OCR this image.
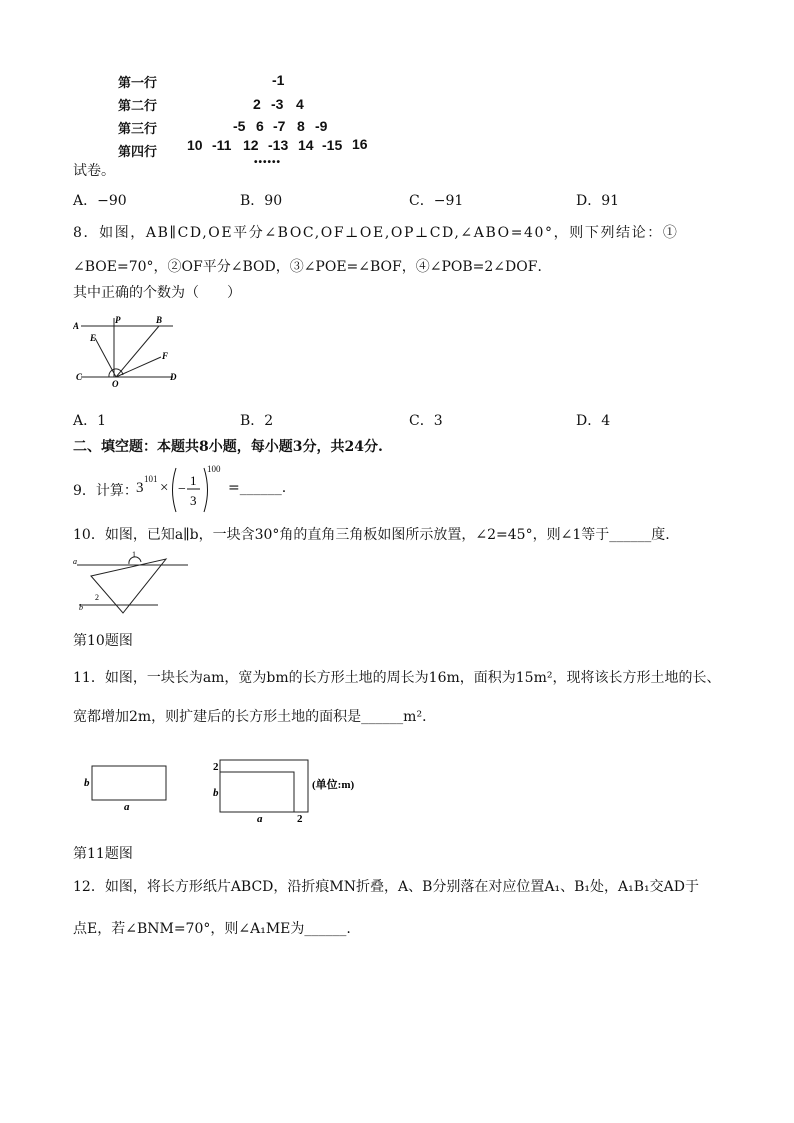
第一行	-1
第二行	2 -3 4
第三行	-5 6 -7 8 -9
第四行 10 -11 12 -13 14 -15 16
••••••
试卷。
A．−90	B．90	C．−91	D．91
8．如图，AB∥CD,OE平分∠BOC,OF⊥OE,OP⊥CD,∠ABO=40°，则下列结论：①
∠BOE=70°，②OF平分∠BOD，③∠POE=∠BOF，④∠POB=2∠DOF．
其中正确的个数为（　　）
A
P	B
E
F
C
O
D
A．1	B．2	C．3	D．4
二、填空题：本题共8小题，每小题3分，共24分.
9．计算：
3
101
× −
1
3
100
=______.
10．如图，已知a∥b，一块含30°角的直角三角板如图所示放置，∠2=45°，则∠1等于______度.
a
b
1
2
第10题图
11．如图，一块长为am，宽为bm的长方形土地的周长为16m，面积为15m²，现将该长方形土地的长、
宽都增加2m，则扩建后的长方形土地的面积是______m²．
b
a
2
b
a	2
(单位:m)
第11题图
12．如图，将长方形纸片ABCD，沿折痕MN折叠，A、B分别落在对应位置A₁、B₁处，A₁B₁交AD于
点E，若∠BNM=70°，则∠A₁ME为______.
